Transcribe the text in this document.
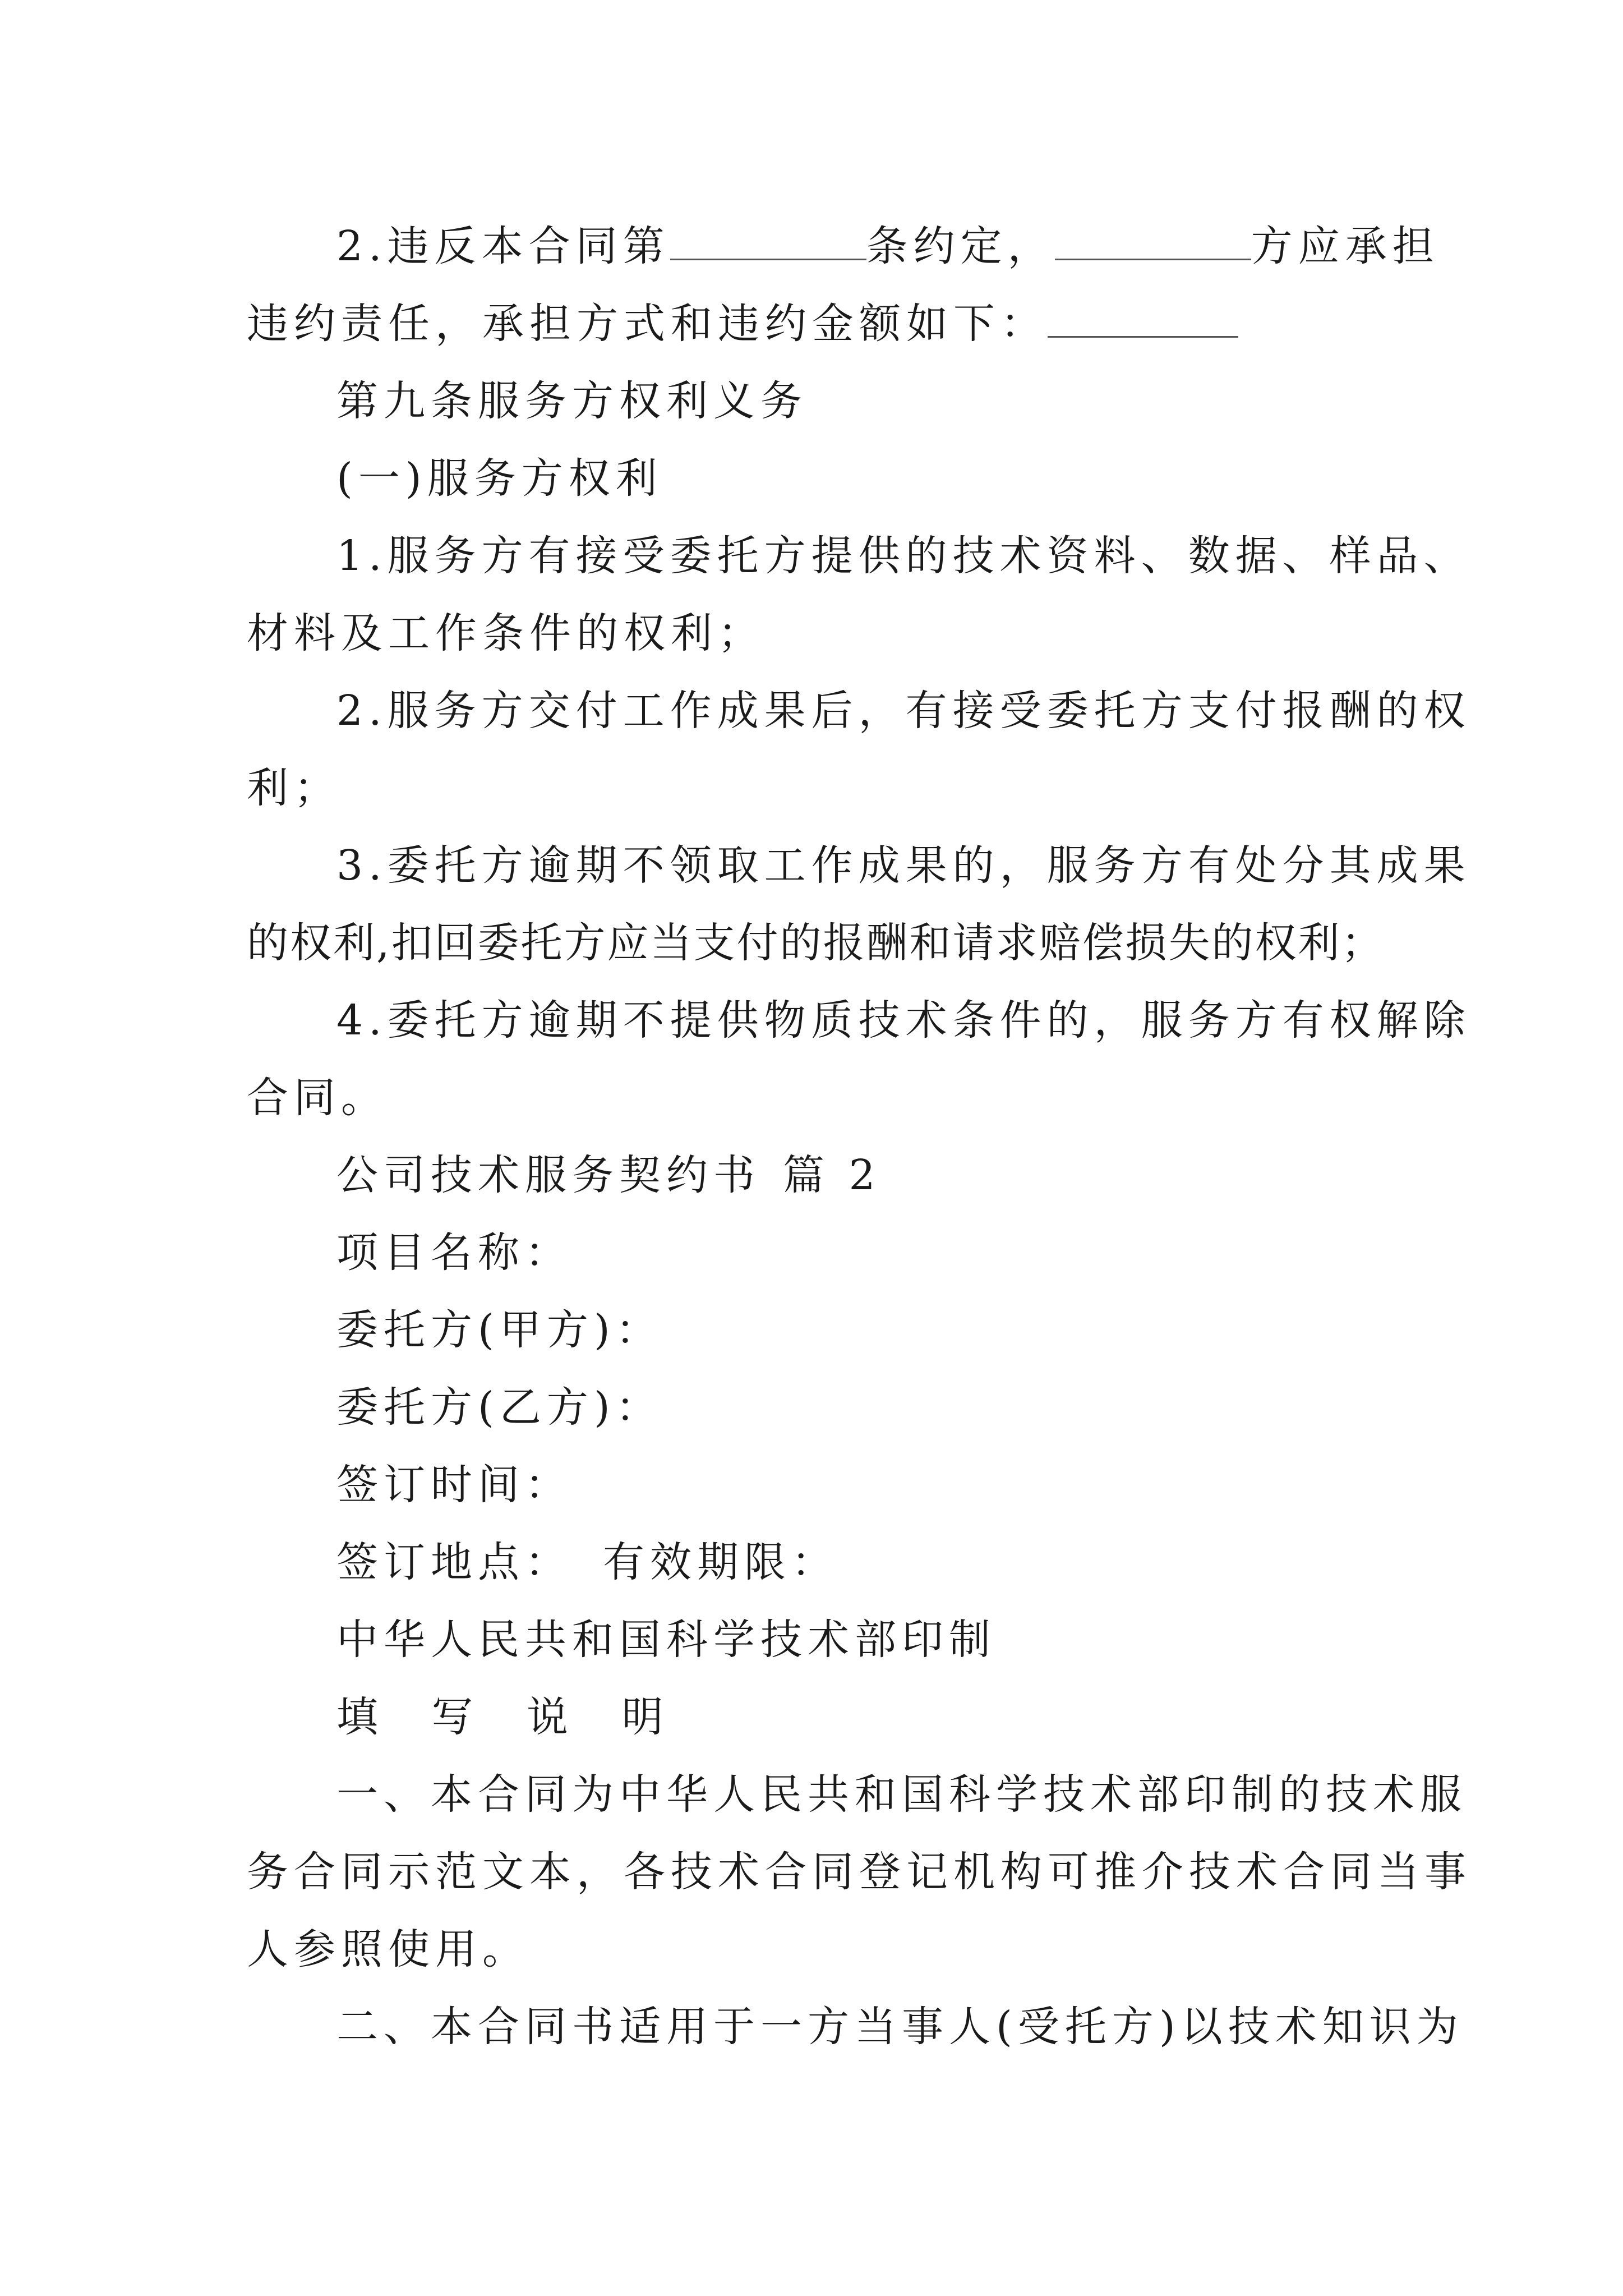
2.违反本合同第	条约定，	方应承担
违约责任，承担方式和违约金额如下：
第九条服务方权利义务
(一)服务方权利
1.服务方有接受委托方提供的技术资料、数据、样品、
材料及工作条件的权利；
2.服务方交付工作成果后，有接受委托方支付报酬的权
利；
3.委托方逾期不领取工作成果的，服务方有处分其成果
的权利,扣回委托方应当支付的报酬和请求赔偿损失的权利；
4.委托方逾期不提供物质技术条件的，服务方有权解除
合同。
公司技术服务契约书 篇 2
项目名称：
委托方(甲方)：
委托方(乙方)：
签订时间：
签订地点： 有效期限：
中华人民共和国科学技术部印制
填 写 说 明
一、本合同为中华人民共和国科学技术部印制的技术服
务合同示范文本，各技术合同登记机构可推介技术合同当事
人参照使用。
二、本合同书适用于一方当事人(受托方)以技术知识为
